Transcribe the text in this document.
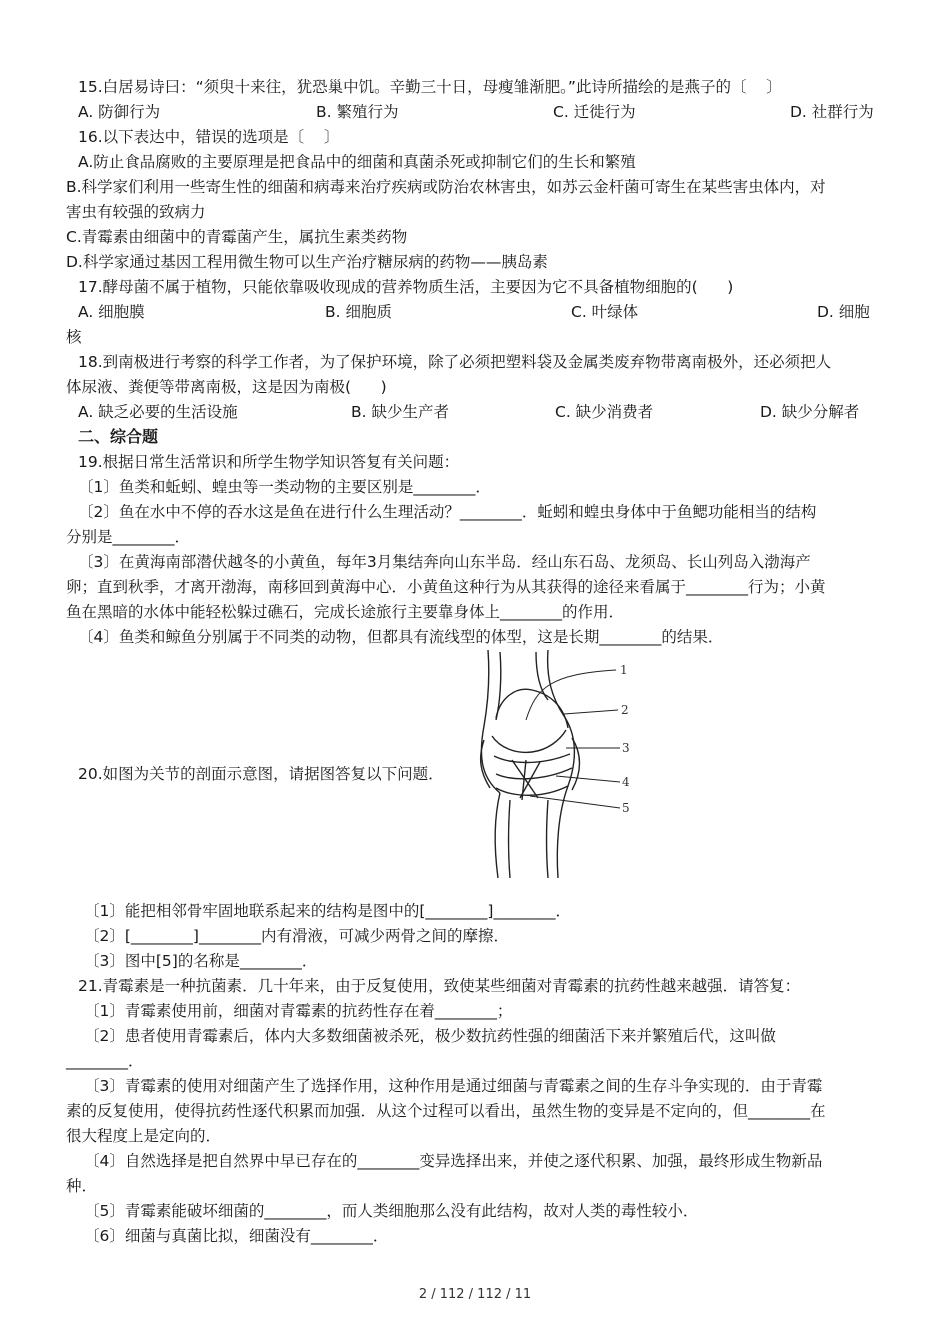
15.白居易诗曰：“须臾十来往，犹恐巢中饥。辛勤三十日，母瘦雏渐肥。”此诗所描绘的是燕子的〔    〕
A. 防御行为	B. 繁殖行为	C. 迁徙行为	D. 社群行为
16.以下表达中，错误的选项是〔    〕
A.防止食品腐败的主要原理是把食品中的细菌和真菌杀死或抑制它们的生长和繁殖
B.科学家们利用一些寄生性的细菌和病毒来治疗疾病或防治农林害虫，如苏云金杆菌可寄生在某些害虫体内，对
害虫有较强的致病力
C.青霉素由细菌中的青霉菌产生，属抗生素类药物
D.科学家通过基因工程用微生物可以生产治疗糖尿病的药物——胰岛素
17.酵母菌不属于植物，只能依靠吸收现成的营养物质生活，主要因为它不具备植物细胞的(      )
A. 细胞膜	B. 细胞质	C. 叶绿体	D. 细胞
核
18.到南极进行考察的科学工作者，为了保护环境，除了必须把塑料袋及金属类废弃物带离南极外，还必须把人
体尿液、粪便等带离南极，这是因为南极(      )
A. 缺乏必要的生活设施	B. 缺少生产者	C. 缺少消费者	D. 缺少分解者
二、综合题
19.根据日常生活常识和所学生物学知识答复有关问题：
〔1〕鱼类和蚯蚓、蝗虫等一类动物的主要区别是________．
〔2〕鱼在水中不停的吞水这是鱼在进行什么生理活动？________．蚯蚓和蝗虫身体中于鱼鳃功能相当的结构
分别是________．
〔3〕在黄海南部潜伏越冬的小黄鱼，每年3月集结奔向山东半岛．经山东石岛、龙须岛、长山列岛入渤海产
卵；直到秋季，才离开渤海，南移回到黄海中心．小黄鱼这种行为从其获得的途径来看属于________行为；小黄
鱼在黑暗的水体中能轻松躲过礁石，完成长途旅行主要靠身体上________的作用．
〔4〕鱼类和鲸鱼分别属于不同类的动物，但都具有流线型的体型，这是长期________的结果．
20.如图为关节的剖面示意图，请据图答复以下问题．
1
2
3
4
5
〔1〕能把相邻骨牢固地联系起来的结构是图中的[________]________．
〔2〕[________]________内有滑液，可减少两骨之间的摩擦．
〔3〕图中[5]的名称是________．
21.青霉素是一种抗菌素．几十年来，由于反复使用，致使某些细菌对青霉素的抗药性越来越强．请答复：
〔1〕青霉素使用前，细菌对青霉素的抗药性存在着________；
〔2〕患者使用青霉素后，体内大多数细菌被杀死，极少数抗药性强的细菌活下来并繁殖后代，这叫做
________．
〔3〕青霉素的使用对细菌产生了选择作用，这种作用是通过细菌与青霉素之间的生存斗争实现的．由于青霉
素的反复使用，使得抗药性逐代积累而加强．从这个过程可以看出，虽然生物的变异是不定向的，但________在
很大程度上是定向的．
〔4〕自然选择是把自然界中早已存在的________变异选择出来，并使之逐代积累、加强，最终形成生物新品
种．
〔5〕青霉素能破坏细菌的________，而人类细胞那么没有此结构，故对人类的毒性较小．
〔6〕细菌与真菌比拟，细菌没有________．
2 / 112 / 112 / 11
